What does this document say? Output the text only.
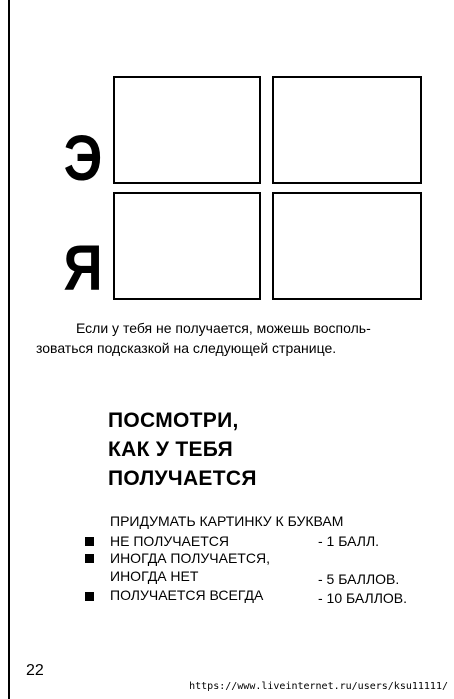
Э
Я
Если у тебя не получается, можешь восполь-
зоваться подсказкой на следующей странице.
ПОСМОТРИ,
КАК У ТЕБЯ
ПОЛУЧАЕТСЯ
ПРИДУМАТЬ КАРТИНКУ К БУКВАМ
НЕ ПОЛУЧАЕТСЯ	- 1 БАЛЛ.
ИНОГДА ПОЛУЧАЕТСЯ,
ИНОГДА НЕТ	- 5 БАЛЛОВ.
ПОЛУЧАЕТСЯ ВСЕГДА	- 10 БАЛЛОВ.
22
https://www.liveinternet.ru/users/ksu11111/
